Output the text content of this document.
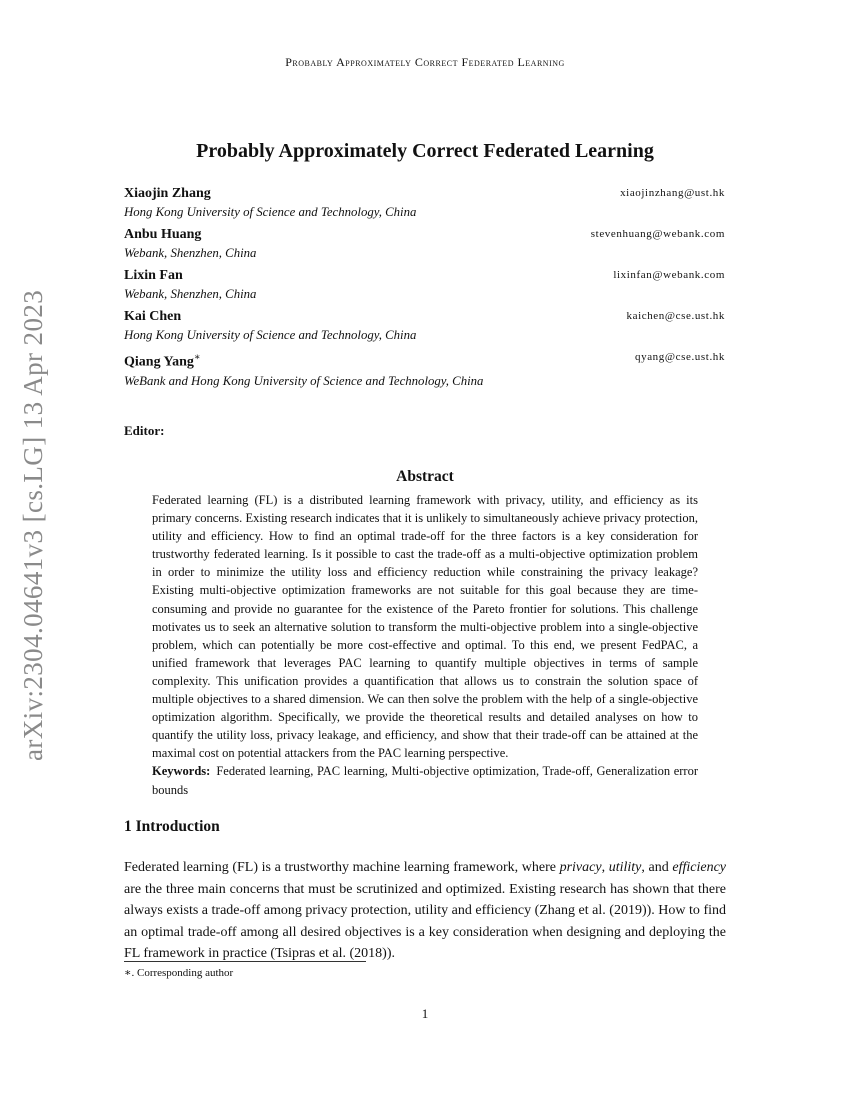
Probably Approximately Correct Federated Learning
arXiv:2304.04641v3 [cs.LG] 13 Apr 2023
Probably Approximately Correct Federated Learning
Xiaojin Zhang
Hong Kong University of Science and Technology, China
xiaojinzhang@ust.hk
Anbu Huang
Webank, Shenzhen, China
stevenhuang@webank.com
Lixin Fan
Webank, Shenzhen, China
lixinfan@webank.com
Kai Chen
Hong Kong University of Science and Technology, China
kaichen@cse.ust.hk
Qiang Yang∗
WeBank and Hong Kong University of Science and Technology, China
qyang@cse.ust.hk
Editor:
Abstract

Federated learning (FL) is a distributed learning framework with privacy, utility, and efficiency as its primary concerns. Existing research indicates that it is unlikely to simultaneously achieve privacy protection, utility and efficiency. How to find an optimal trade-off for the three factors is a key consideration for trustworthy federated learning. Is it possible to cast the trade-off as a multi-objective optimization problem in order to minimize the utility loss and efficiency reduction while constraining the privacy leakage? Existing multi-objective optimization frameworks are not suitable for this goal because they are time-consuming and provide no guarantee for the existence of the Pareto frontier for solutions. This challenge motivates us to seek an alternative solution to transform the multi-objective problem into a single-objective problem, which can potentially be more cost-effective and optimal. To this end, we present FedPAC, a unified framework that leverages PAC learning to quantify multiple objectives in terms of sample complexity. This unification provides a quantification that allows us to constrain the solution space of multiple objectives to a shared dimension. We can then solve the problem with the help of a single-objective optimization algorithm. Specifically, we provide the theoretical results and detailed analyses on how to quantify the utility loss, privacy leakage, and efficiency, and show that their trade-off can be attained at the maximal cost on potential attackers from the PAC learning perspective.

Keywords: Federated learning, PAC learning, Multi-objective optimization, Trade-off, Generalization error bounds

1 Introduction

Federated learning (FL) is a trustworthy machine learning framework, where privacy, utility, and efficiency are the three main concerns that must be scrutinized and optimized. Existing research has shown that there always exists a trade-off among privacy protection, utility and efficiency (Zhang et al. (2019)). How to find an optimal trade-off among all desired objectives is a key consideration when designing and deploying the FL framework in practice (Tsipras et al. (2018)).

∗. Corresponding author
1
